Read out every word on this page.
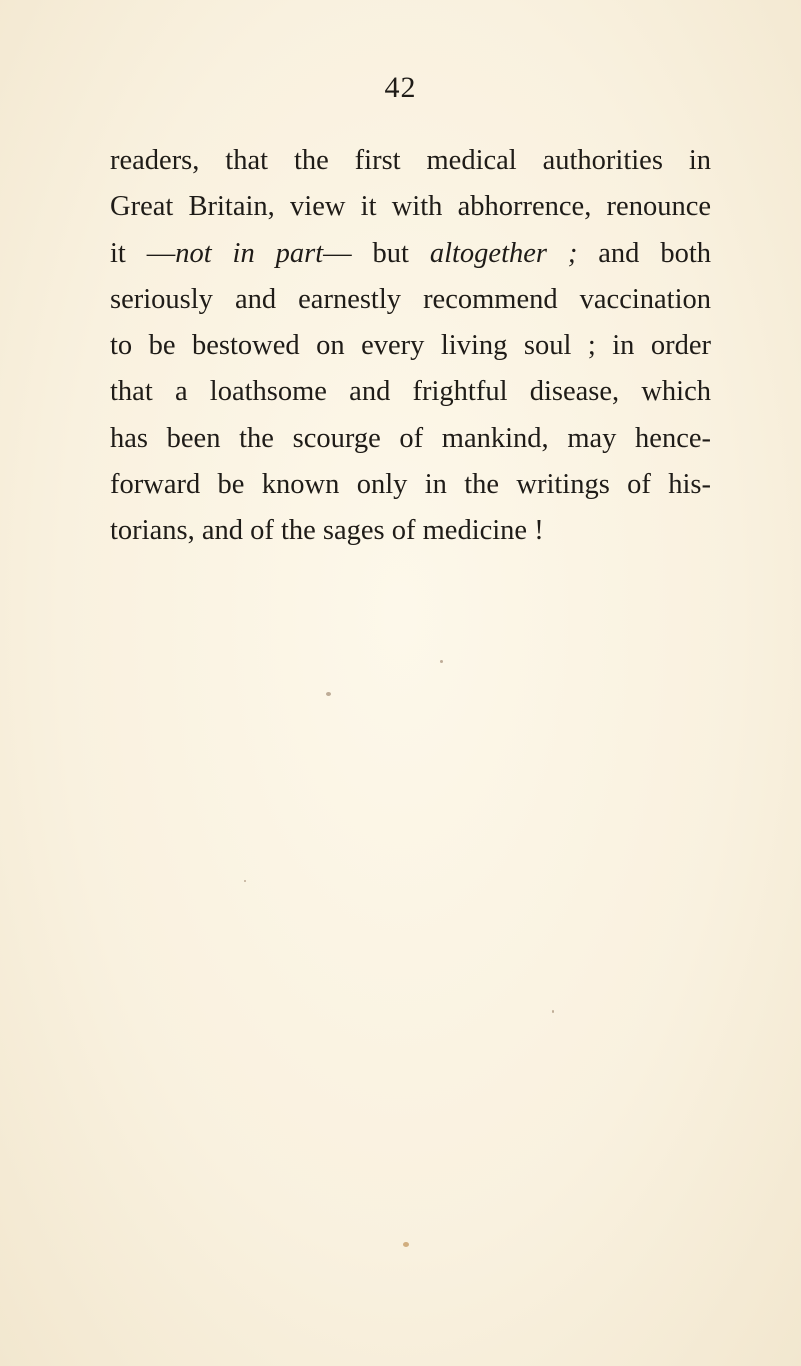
42
readers, that the first medical authorities in
Great Britain, view it with abhorrence, renounce
it —not in part— but altogether ; and both
seriously and earnestly recommend vaccination
to be bestowed on every living soul ; in order
that a loathsome and frightful disease, which
has been the scourge of mankind, may hence-
forward be known only in the writings of his-
torians, and of the sages of medicine !
